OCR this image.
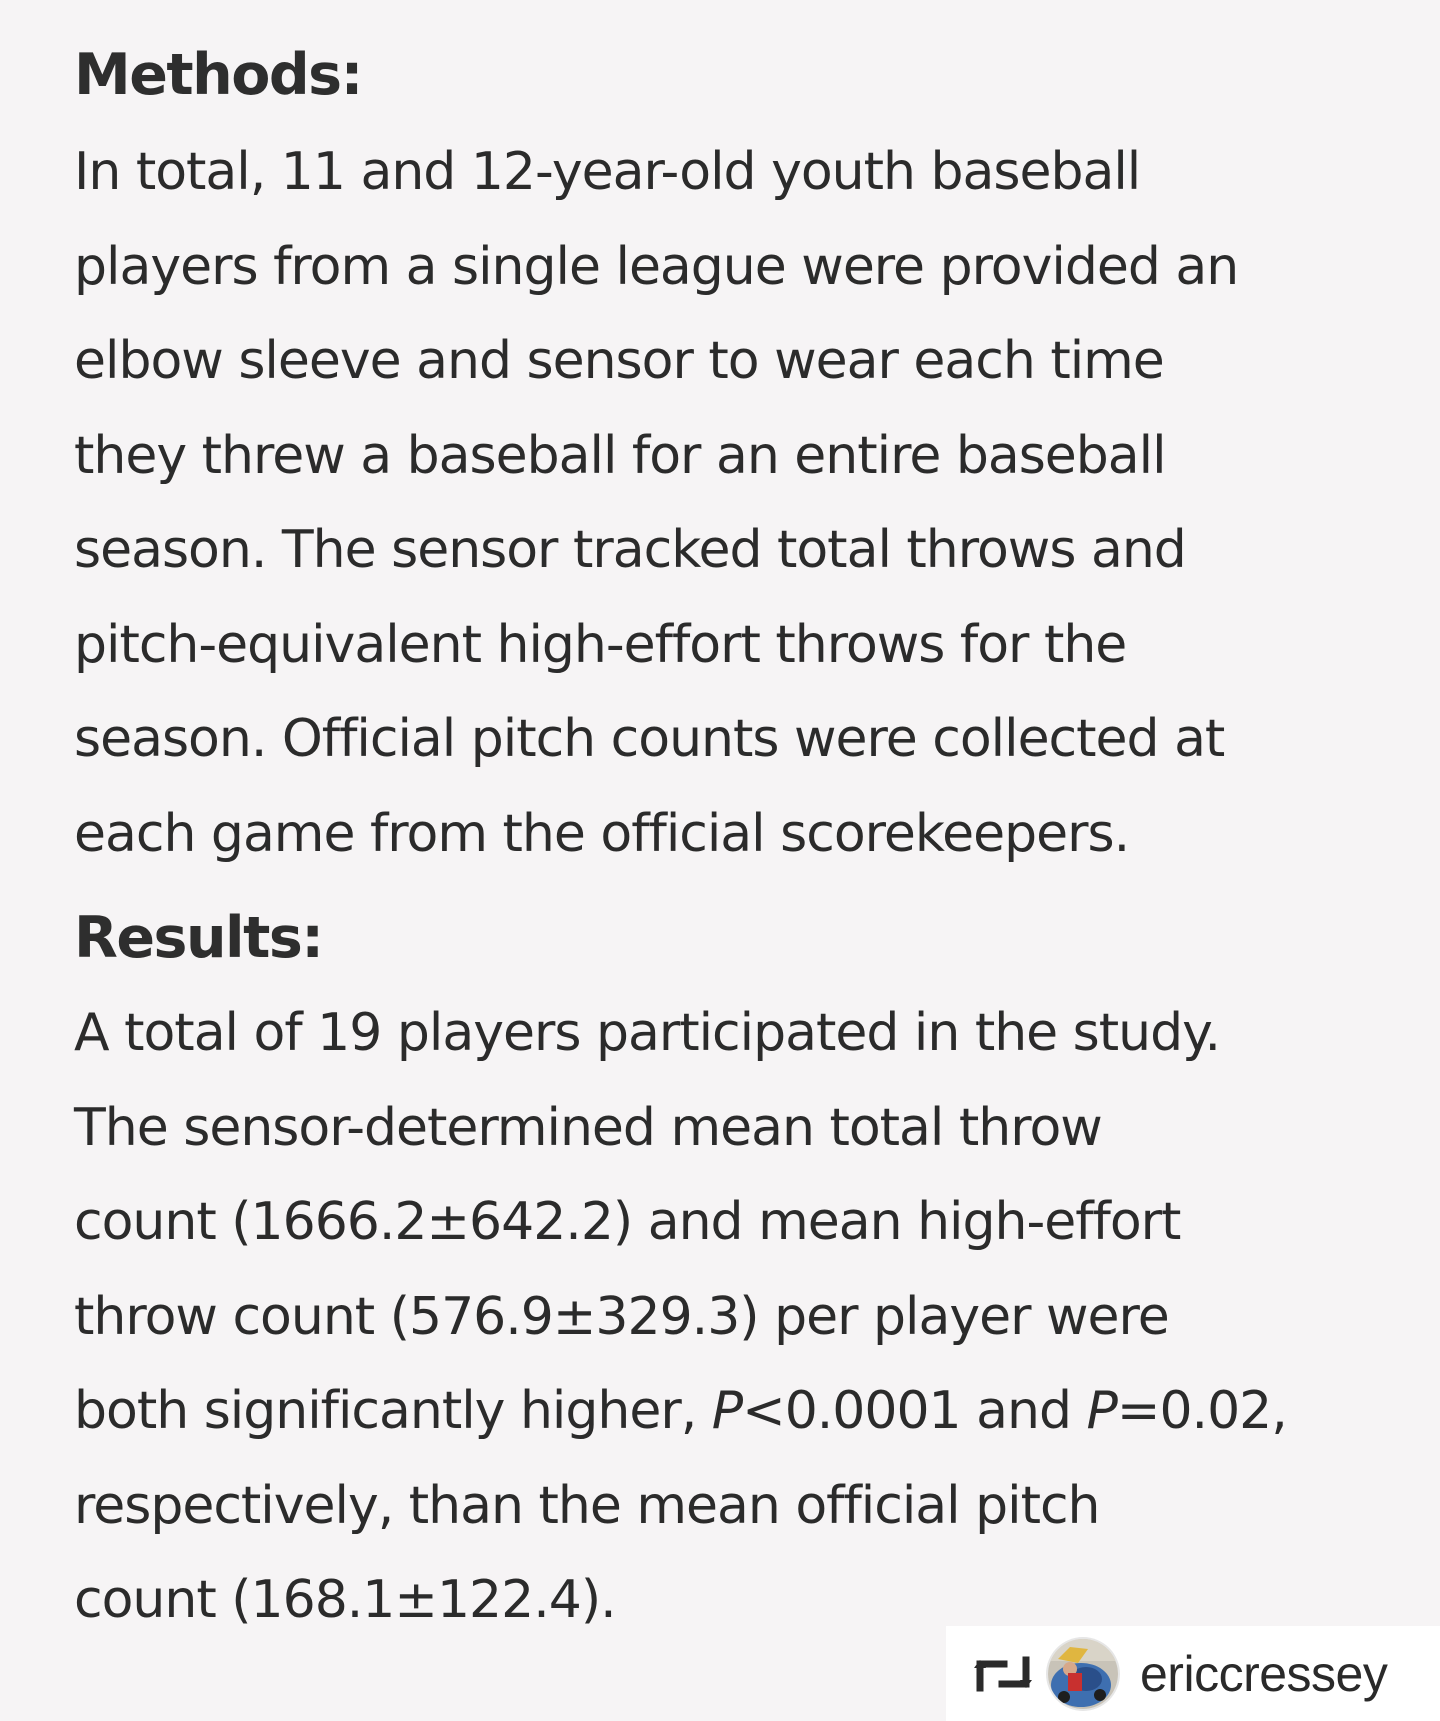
Methods:
In total, 11 and 12-year-old youth baseball
players from a single league were provided an
elbow sleeve and sensor to wear each time
they threw a baseball for an entire baseball
season. The sensor tracked total throws and
pitch-equivalent high-effort throws for the
season. Official pitch counts were collected at
each game from the official scorekeepers.
Results:
A total of 19 players participated in the study.
The sensor-determined mean total throw
count (1666.2±642.2) and mean high-effort
throw count (576.9±329.3) per player were
both significantly higher, P<0.0001 and P=0.02,
respectively, than the mean official pitch
count (168.1±122.4).
ericcressey
